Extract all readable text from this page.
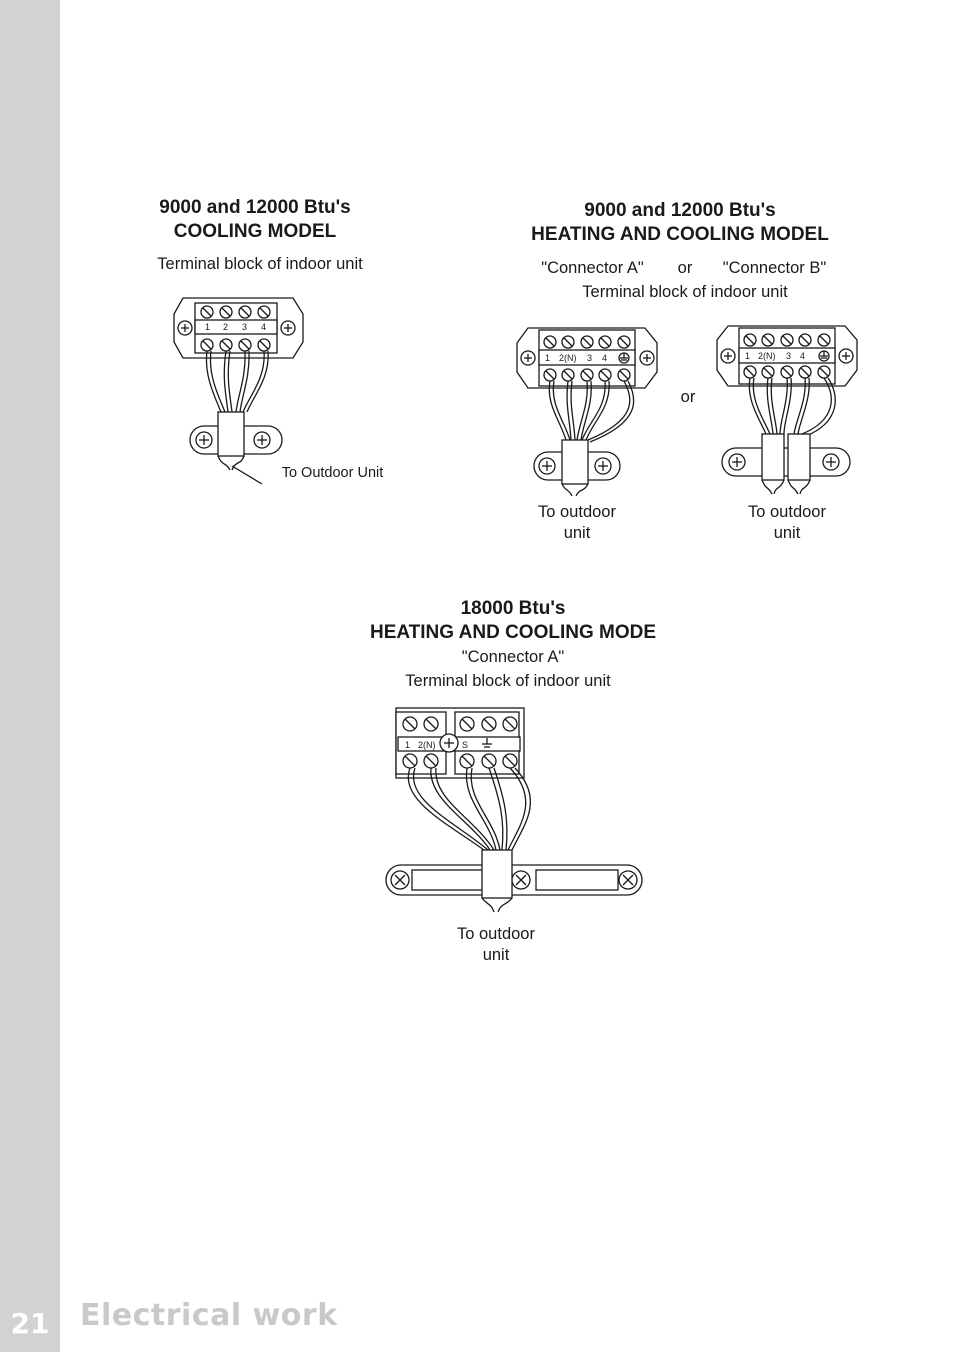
21	Electrical work
9000 and 12000 Btu's
COOLING MODEL
Terminal block of indoor unit
1 2 3 4
To Outdoor Unit
9000 and 12000 Btu's
HEATING AND COOLING MODEL
"Connector A"	or	"Connector B"
Terminal block of indoor unit
1 2(N) 3 4
or
To outdoor
unit
1 2(N) 3 4
To outdoor
unit
18000 Btu's
HEATING AND COOLING MODE
"Connector A"
Terminal block of indoor unit
1 2(N)	S
To outdoor
unit
